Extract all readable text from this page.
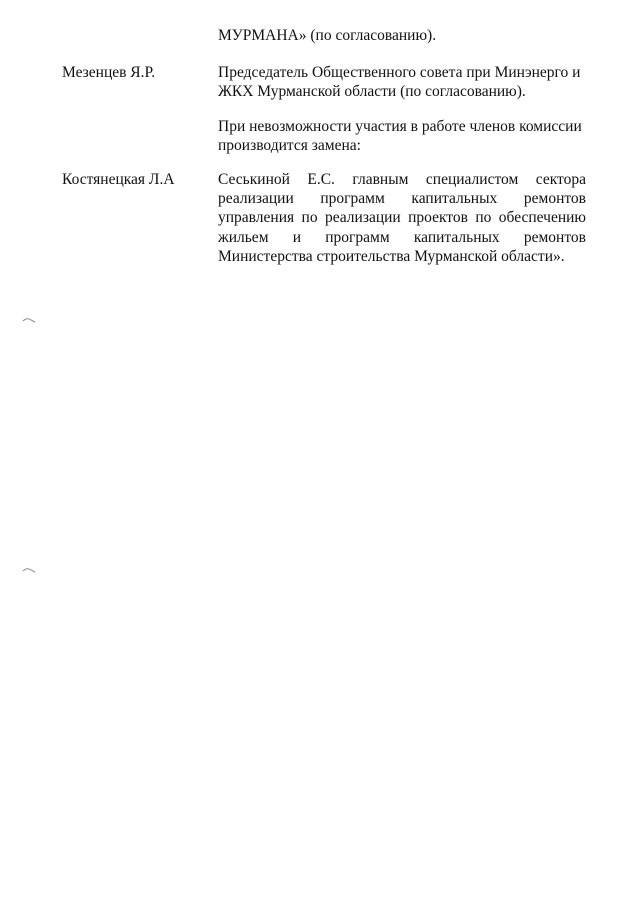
МУРМАНА» (по согласованию).
Мезенцев Я.Р.	Председатель Общественного совета при Минэнерго и
ЖКХ Мурманской области (по согласованию).
При невозможности участия в работе членов комиссии
производится замена:
Костянецкая Л.А	Сеськиной Е.С. главным специалистом сектора
реализации программ капитальных ремонтов
управления по реализации проектов по обеспечению
жильем и программ капитальных ремонтов
Министерства строительства Мурманской области».
